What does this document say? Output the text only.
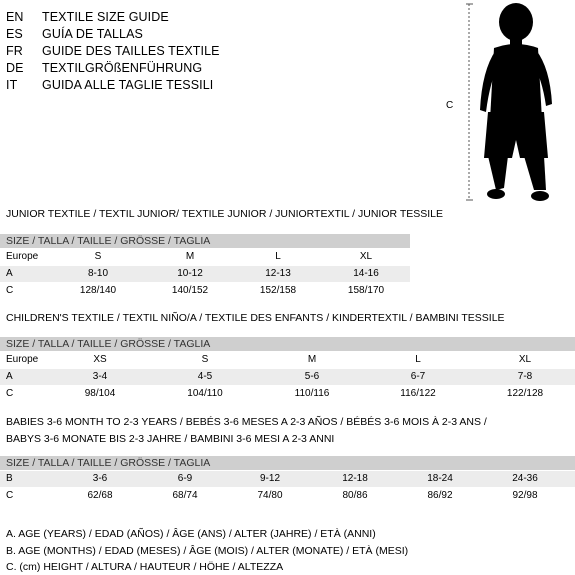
EN	TEXTILE SIZE GUIDE
ES	GUÍA DE TALLAS
FR	GUIDE DES TAILLES TEXTILE
DE	TEXTILGRÖßENFÜHRUNG
IT	GUIDA ALLE TAGLIE TESSILI
C
JUNIOR TEXTILE / TEXTIL JUNIOR/ TEXTILE JUNIOR / JUNIORTEXTIL / JUNIOR TESSILE
SIZE / TALLA / TAILLE / GRÖSSE / TAGLIA
Europe	S	M	L	XL
A	8-10	10-12	12-13	14-16
C	128/140	140/152	152/158	158/170
CHILDREN'S TEXTILE / TEXTIL NIÑO/A / TEXTILE DES ENFANTS / KINDERTEXTIL / BAMBINI TESSILE
SIZE / TALLA / TAILLE / GRÖSSE / TAGLIA
Europe	XS	S	M	L	XL
A	3-4	4-5	5-6	6-7	7-8
C	98/104	104/110	110/116	116/122	122/128
BABIES 3-6 MONTH TO 2-3 YEARS / BEBÉS 3-6 MESES A 2-3 AÑOS / BÉBÉS 3-6 MOIS À 2-3 ANS /
BABYS 3-6 MONATE BIS 2-3 JAHRE / BAMBINI 3-6 MESI A 2-3 ANNI
SIZE / TALLA / TAILLE / GRÖSSE / TAGLIA
B	3-6	6-9	9-12	12-18	18-24	24-36
C	62/68	68/74	74/80	80/86	86/92	92/98
A. AGE (YEARS) / EDAD (AÑOS) / ÂGE (ANS) / ALTER (JAHRE) / ETÀ (ANNI)
B. AGE (MONTHS) / EDAD (MESES) / ÂGE (MOIS) / ALTER (MONATE) / ETÀ (MESI)
C. (cm) HEIGHT / ALTURA / HAUTEUR / HÖHE / ALTEZZA
